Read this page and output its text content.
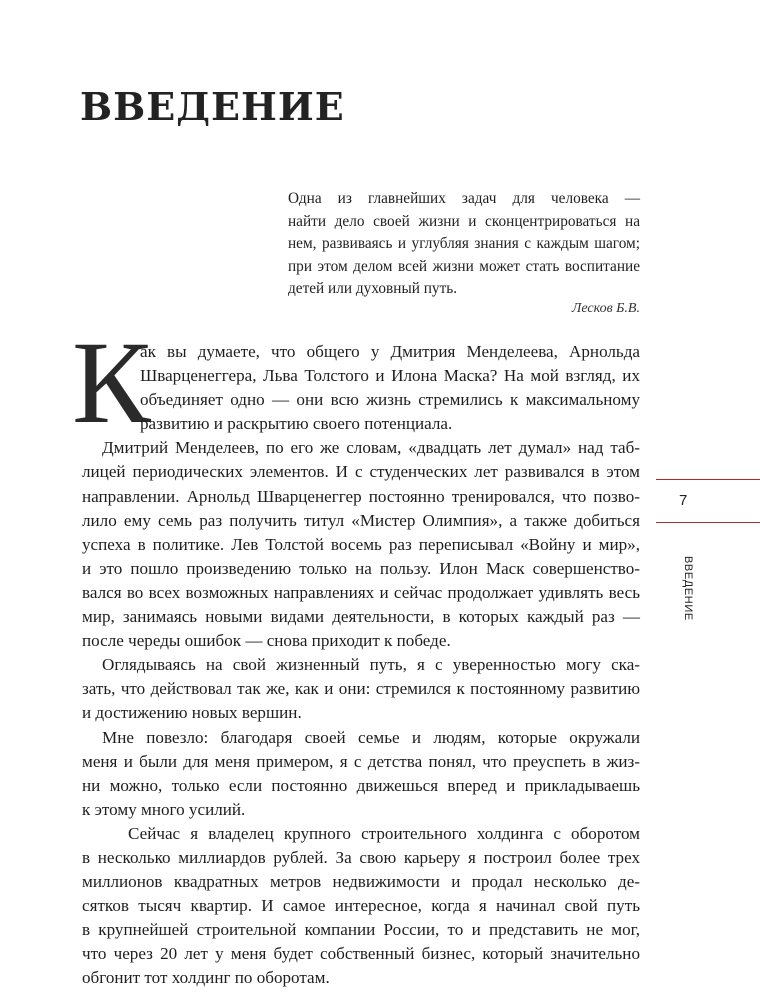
ВВЕДЕНИЕ
Одна из главнейших задач для человека —
найти дело своей жизни и сконцентрироваться на
нем, развиваясь и углубляя знания с каждым шагом;
при этом делом всей жизни может стать воспитание
детей или духовный путь.
Лесков Б.В.
К
ак вы думаете, что общего у Дмитрия Менделеева, Арнольда
Шварценеггера, Льва Толстого и Илона Маска? На мой взгляд, их
объединяет одно — они всю жизнь стремились к максимальному
развитию и раскрытию своего потенциала.
Дмитрий Менделеев, по его же словам, «двадцать лет думал» над таб-
лицей периодических элементов. И с студенческих лет развивался в этом
направлении. Арнольд Шварценеггер постоянно тренировался, что позво-
лило ему семь раз получить титул «Мистер Олимпия», а также добиться
успеха в политике. Лев Толстой восемь раз переписывал «Войну и мир»,
и это пошло произведению только на пользу. Илон Маск совершенство-
вался во всех возможных направлениях и сейчас продолжает удивлять весь
мир, занимаясь новыми видами деятельности, в которых каждый раз —
после череды ошибок — снова приходит к победе.
Оглядываясь на свой жизненный путь, я с уверенностью могу ска-
зать, что действовал так же, как и они: стремился к постоянному развитию
и достижению новых вершин.
Мне повезло: благодаря своей семье и людям, которые окружали
меня и были для меня примером, я с детства понял, что преуспеть в жиз-
ни можно, только если постоянно движешься вперед и прикладываешь
к этому много усилий.
Сейчас я владелец крупного строительного холдинга с оборотом
в несколько миллиардов рублей. За свою карьеру я построил более трех
миллионов квадратных метров недвижимости и продал несколько де-
сятков тысяч квартир. И самое интересное, когда я начинал свой путь
в крупнейшей строительной компании России, то и представить не мог,
что через 20 лет у меня будет собственный бизнес, который значительно
обгонит тот холдинг по оборотам.
7
ВВЕДЕНИЕ
